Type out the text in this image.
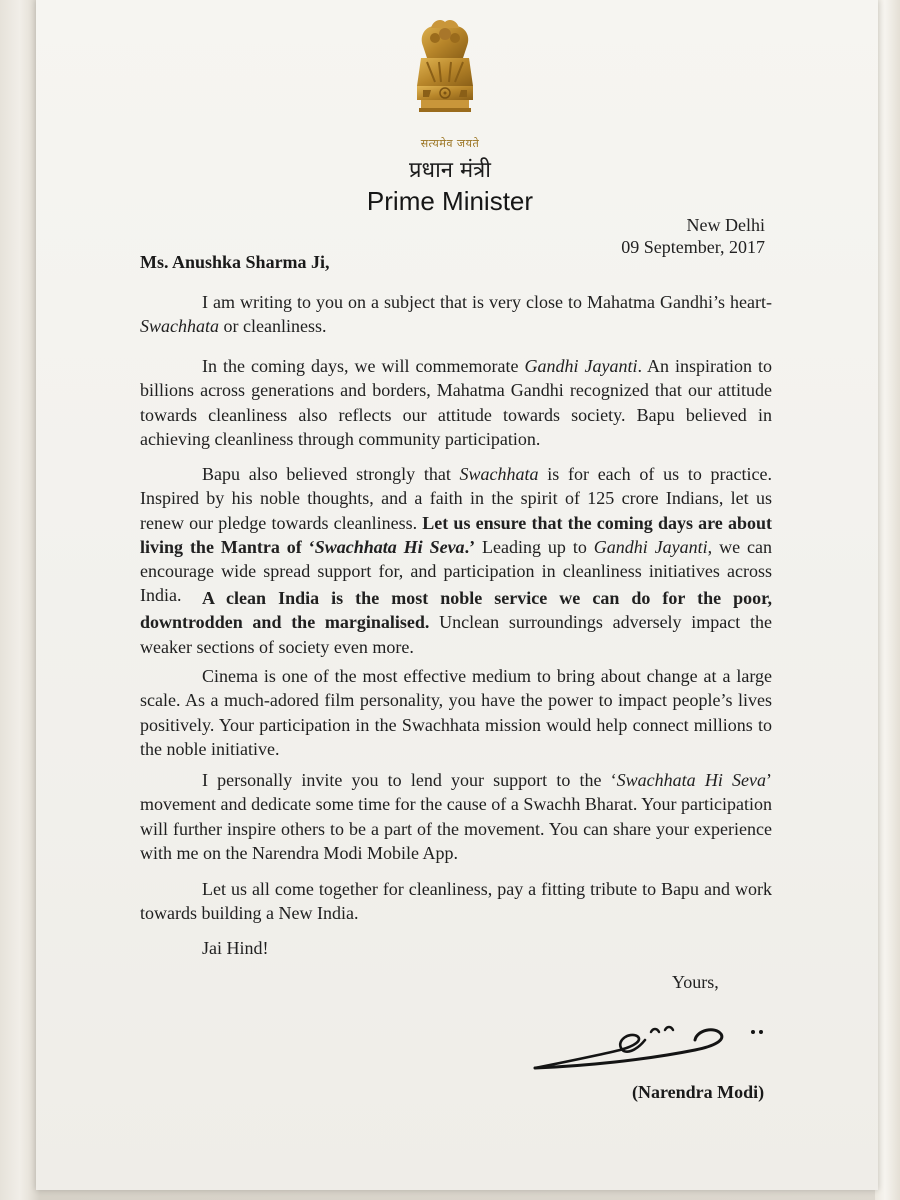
सत्यमेव जयते
प्रधान मंत्री
Prime Minister
New Delhi
09 September, 2017
Ms. Anushka Sharma Ji,

I am writing to you on a subject that is very close to Mahatma Gandhi’s heart-Swachhata or cleanliness.

In the coming days, we will commemorate Gandhi Jayanti. An inspiration to billions across generations and borders, Mahatma Gandhi recognized that our attitude towards cleanliness also reflects our attitude towards society. Bapu believed in achieving cleanliness through community participation.

Bapu also believed strongly that Swachhata is for each of us to practice. Inspired by his noble thoughts, and a faith in the spirit of 125 crore Indians, let us renew our pledge towards cleanliness. Let us ensure that the coming days are about living the Mantra of ‘Swachhata Hi Seva.’ Leading up to Gandhi Jayanti, we can encourage wide spread support for, and participation in cleanliness initiatives across India.	A clean India is the most noble service we can do for the poor, downtrodden and the marginalised. Unclean surroundings adversely impact the weaker sections of society even more.

Cinema is one of the most effective medium to bring about change at a large scale. As a much-adored film personality, you have the power to impact people’s lives positively. Your participation in the Swachhata mission would help connect millions to the noble initiative.

I personally invite you to lend your support to the ‘Swachhata Hi Seva’ movement and dedicate some time for the cause of a Swachh Bharat. Your participation will further inspire others to be a part of the movement. You can share your experience with me on the Narendra Modi Mobile App.

Let us all come together for cleanliness, pay a fitting tribute to Bapu and work towards building a New India.

Jai Hind!

Yours,
(Narendra Modi)
